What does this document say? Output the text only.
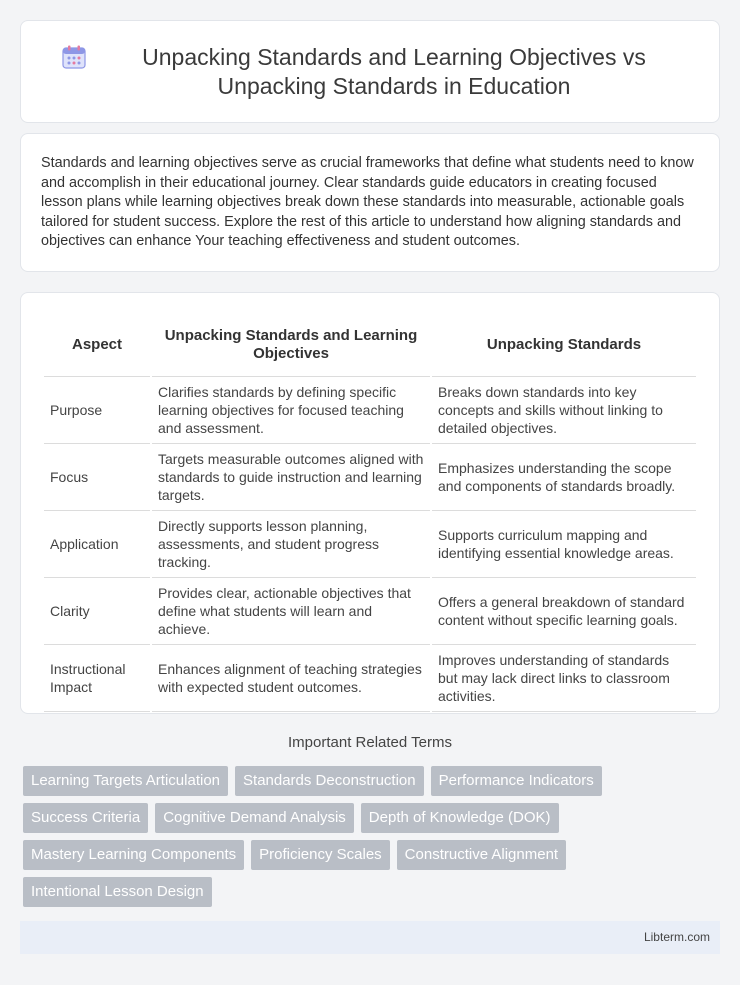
Unpacking Standards and Learning Objectives vs Unpacking Standards in Education

Standards and learning objectives serve as crucial frameworks that define what students need to know and accomplish in their educational journey. Clear standards guide educators in creating focused lesson plans while learning objectives break down these standards into measurable, actionable goals tailored for student success. Explore the rest of this article to understand how aligning standards and objectives can enhance Your teaching effectiveness and student outcomes.

Aspect	Unpacking Standards and Learning Objectives	Unpacking Standards
Purpose	Clarifies standards by defining specific learning objectives for focused teaching and assessment.	Breaks down standards into key concepts and skills without linking to detailed objectives.
Focus	Targets measurable outcomes aligned with standards to guide instruction and learning targets.	Emphasizes understanding the scope and components of standards broadly.
Application	Directly supports lesson planning, assessments, and student progress tracking.	Supports curriculum mapping and identifying essential knowledge areas.
Clarity	Provides clear, actionable objectives that define what students will learn and achieve.	Offers a general breakdown of standard content without specific learning goals.
Instructional Impact	Enhances alignment of teaching strategies with expected student outcomes.	Improves understanding of standards but may lack direct links to classroom activities.
Important Related Terms
Learning Targets Articulation	Standards Deconstruction	Performance Indicators
Success Criteria	Cognitive Demand Analysis	Depth of Knowledge (DOK)
Mastery Learning Components	Proficiency Scales	Constructive Alignment
Intentional Lesson Design
Libterm.com
